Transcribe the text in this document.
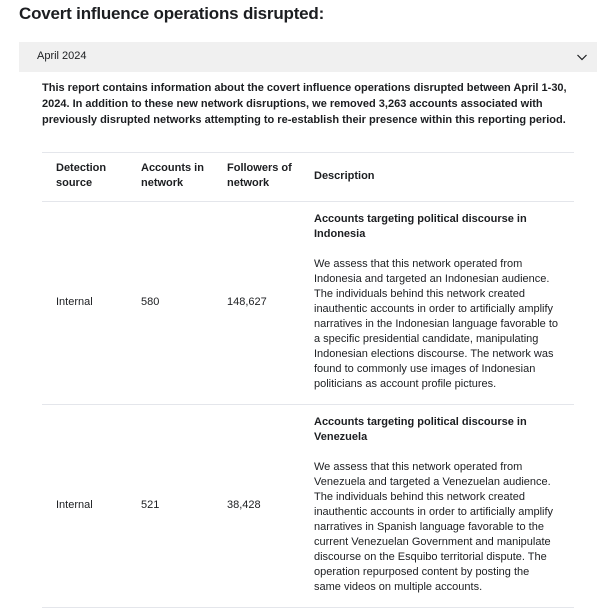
Covert influence operations disrupted:
April 2024

This report contains information about the covert influence operations disrupted between April 1-30, 2024. In addition to these new network disruptions, we removed 3,263 accounts associated with previously disrupted networks attempting to re-establish their presence within this reporting period.

Detection source	Accounts in network	Followers of network	Description
Internal	580	148,627	Accounts targeting political discourse in Indonesia
We assess that this network operated from Indonesia and targeted an Indonesian audience. The individuals behind this network created inauthentic accounts in order to artificially amplify narratives in the Indonesian language favorable to a specific presidential candidate, manipulating Indonesian elections discourse. The network was found to commonly use images of Indonesian politicians as account profile pictures.

Internal	521	38,428	Accounts targeting political discourse in Venezuela
We assess that this network operated from Venezuela and targeted a Venezuelan audience. The individuals behind this network created inauthentic accounts in order to artificially amplify narratives in Spanish language favorable to the current Venezuelan Government and manipulate discourse on the Esquibo territorial dispute. The operation repurposed content by posting the same videos on multiple accounts.
